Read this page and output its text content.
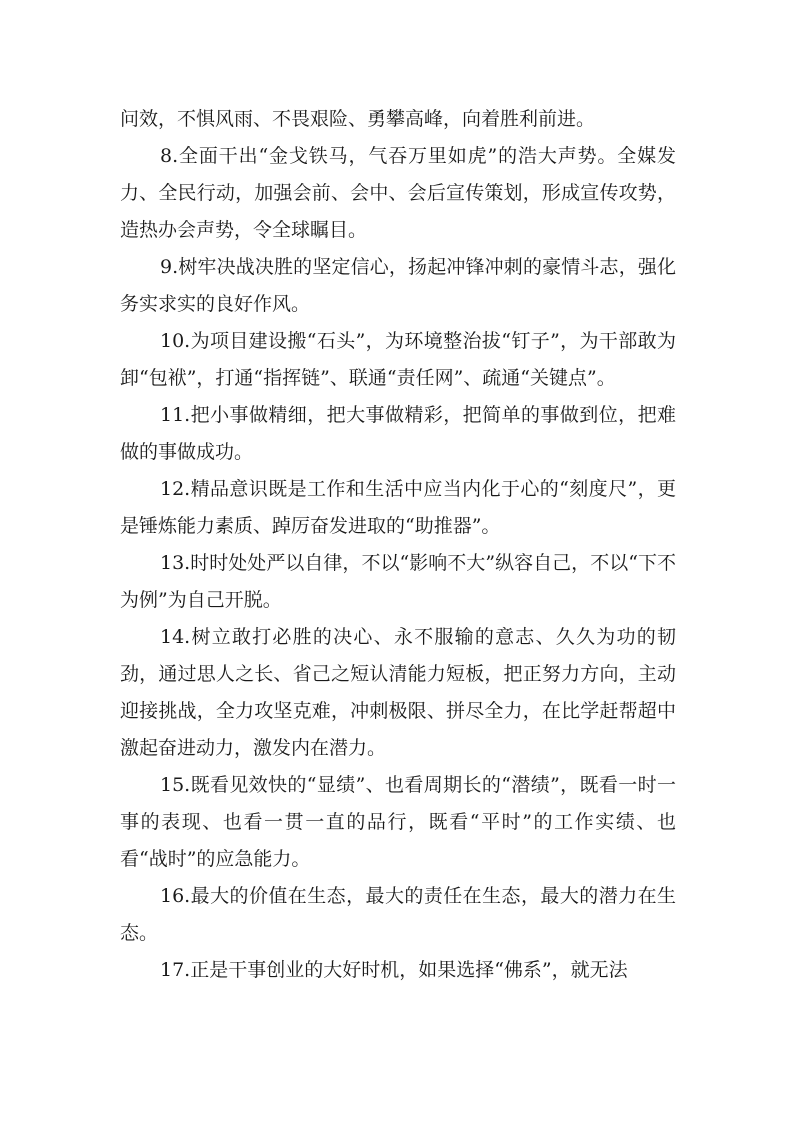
问效，不惧风雨、不畏艰险、勇攀高峰，向着胜利前进。

8.全面干出“金戈铁马，气吞万里如虎”的浩大声势。全媒发力、全民行动，加强会前、会中、会后宣传策划，形成宣传攻势，造热办会声势，令全球瞩目。

9.树牢决战决胜的坚定信心，扬起冲锋冲刺的豪情斗志，强化务实求实的良好作风。

10.为项目建设搬“石头”，为环境整治拔“钉子”，为干部敢为卸“包袱”，打通“指挥链”、联通“责任网”、疏通“关键点”。

11.把小事做精细，把大事做精彩，把简单的事做到位，把难做的事做成功。

12.精品意识既是工作和生活中应当内化于心的“刻度尺”，更是锤炼能力素质、踔厉奋发进取的“助推器”。

13.时时处处严以自律，不以“影响不大”纵容自己，不以“下不为例”为自己开脱。

14.树立敢打必胜的决心、永不服输的意志、久久为功的韧劲，通过思人之长、省己之短认清能力短板，把正努力方向，主动迎接挑战，全力攻坚克难，冲刺极限、拼尽全力，在比学赶帮超中激起奋进动力，激发内在潜力。

15.既看见效快的“显绩”、也看周期长的“潜绩”，既看一时一事的表现、也看一贯一直的品行，既看“平时”的工作实绩、也看“战时”的应急能力。

16.最大的价值在生态，最大的责任在生态，最大的潜力在生态。

17.正是干事创业的大好时机，如果选择“佛系”，就无法
